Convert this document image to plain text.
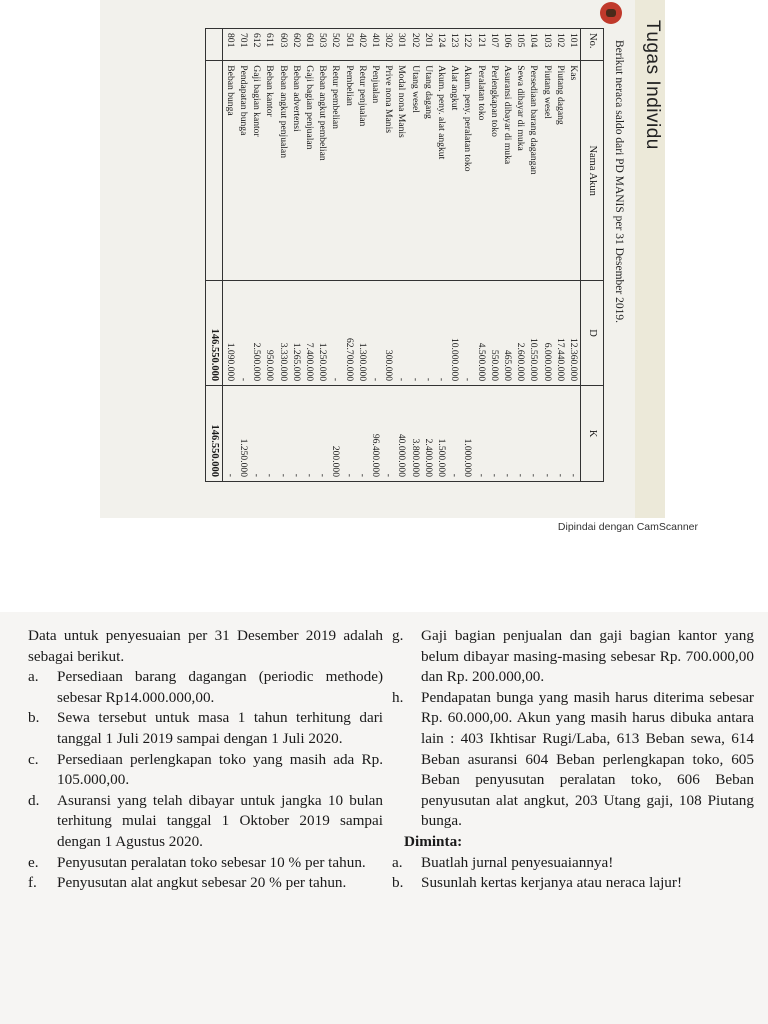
Tugas Individu
Berikut neraca saldo dari PD MANIS per 31 Desember 2019.
No.	Nama Akun	D	K
101	Kas	12.360.000	-
102	Piutang dagang	17.440.000	-
103	Piutang wesel	6.000.000	-
104	Persediaan barang dagangan	10.550.000	-
105	Sewa dibayar di muka	2.600.000	-
106	Asuransi dibayar di muka	465.000	-
107	Perlengkapan toko	550.000	-
121	Peralatan toko	4.500.000	-
122	Akum. peny. peralatan toko	-	1.000.000
123	Alat angkut	10.000.000	-
124	Akum. peny. alat angkut	-	1.500.000
201	Utang dagang	-	2.400.000
202	Utang wesel	-	3.800.000
301	Modal nona Manis	-	40.000.000
302	Prive nona Manis	300.000	-
401	Penjualan	-	96.400.000
402	Retur penjualan	1.300.000	-
501	Pembelian	62.700.000	-
502	Retur pembelian	-	200.000
503	Beban angkut pembelian	1.250.000	-
601	Gaji bagian penjualan	7.400.000	-
602	Beban advertensi	1.265.000	-
603	Beban angkut penjualan	3.330.000	-
611	Beban kantor	950.000	-
612	Gaji bagian kantor	2.500.000	-
701	Pendapatan bunga	-	1.250.000
801	Beban bunga	1.090.000	-
		146.550.000	146.550.000
Dipindai dengan CamScanner
Data untuk penyesuaian per 31 Desember 2019 adalah sebagai berikut.
a. Persediaan barang dagangan (periodic methode) sebesar Rp14.000.000,00.
b. Sewa tersebut untuk masa 1 tahun terhitung dari tanggal 1 Juli 2019 sampai dengan 1 Juli 2020.
c. Persediaan perlengkapan toko yang masih ada Rp. 105.000,00.
d. Asuransi yang telah dibayar untuk jangka 10 bulan terhitung mulai tanggal 1 Oktober 2019 sampai dengan 1 Agustus 2020.
e. Penyusutan peralatan toko sebesar 10 % per tahun.
f. Penyusutan alat angkut sebesar 20 % per tahun.
g. Gaji bagian penjualan dan gaji bagian kantor yang belum dibayar masing-masing sebesar Rp. 700.000,00 dan Rp. 200.000,00.
h. Pendapatan bunga yang masih harus diterima sebesar Rp. 60.000,00. Akun yang masih harus dibuka antara lain : 403 Ikhtisar Rugi/Laba, 613 Beban sewa, 614 Beban asuransi 604 Beban perlengkapan toko, 605 Beban penyusutan peralatan toko, 606 Beban penyusutan alat angkut, 203 Utang gaji, 108 Piutang bunga.
Diminta:
a. Buatlah jurnal penyesuaiannya!
b. Susunlah kertas kerjanya atau neraca lajur!
